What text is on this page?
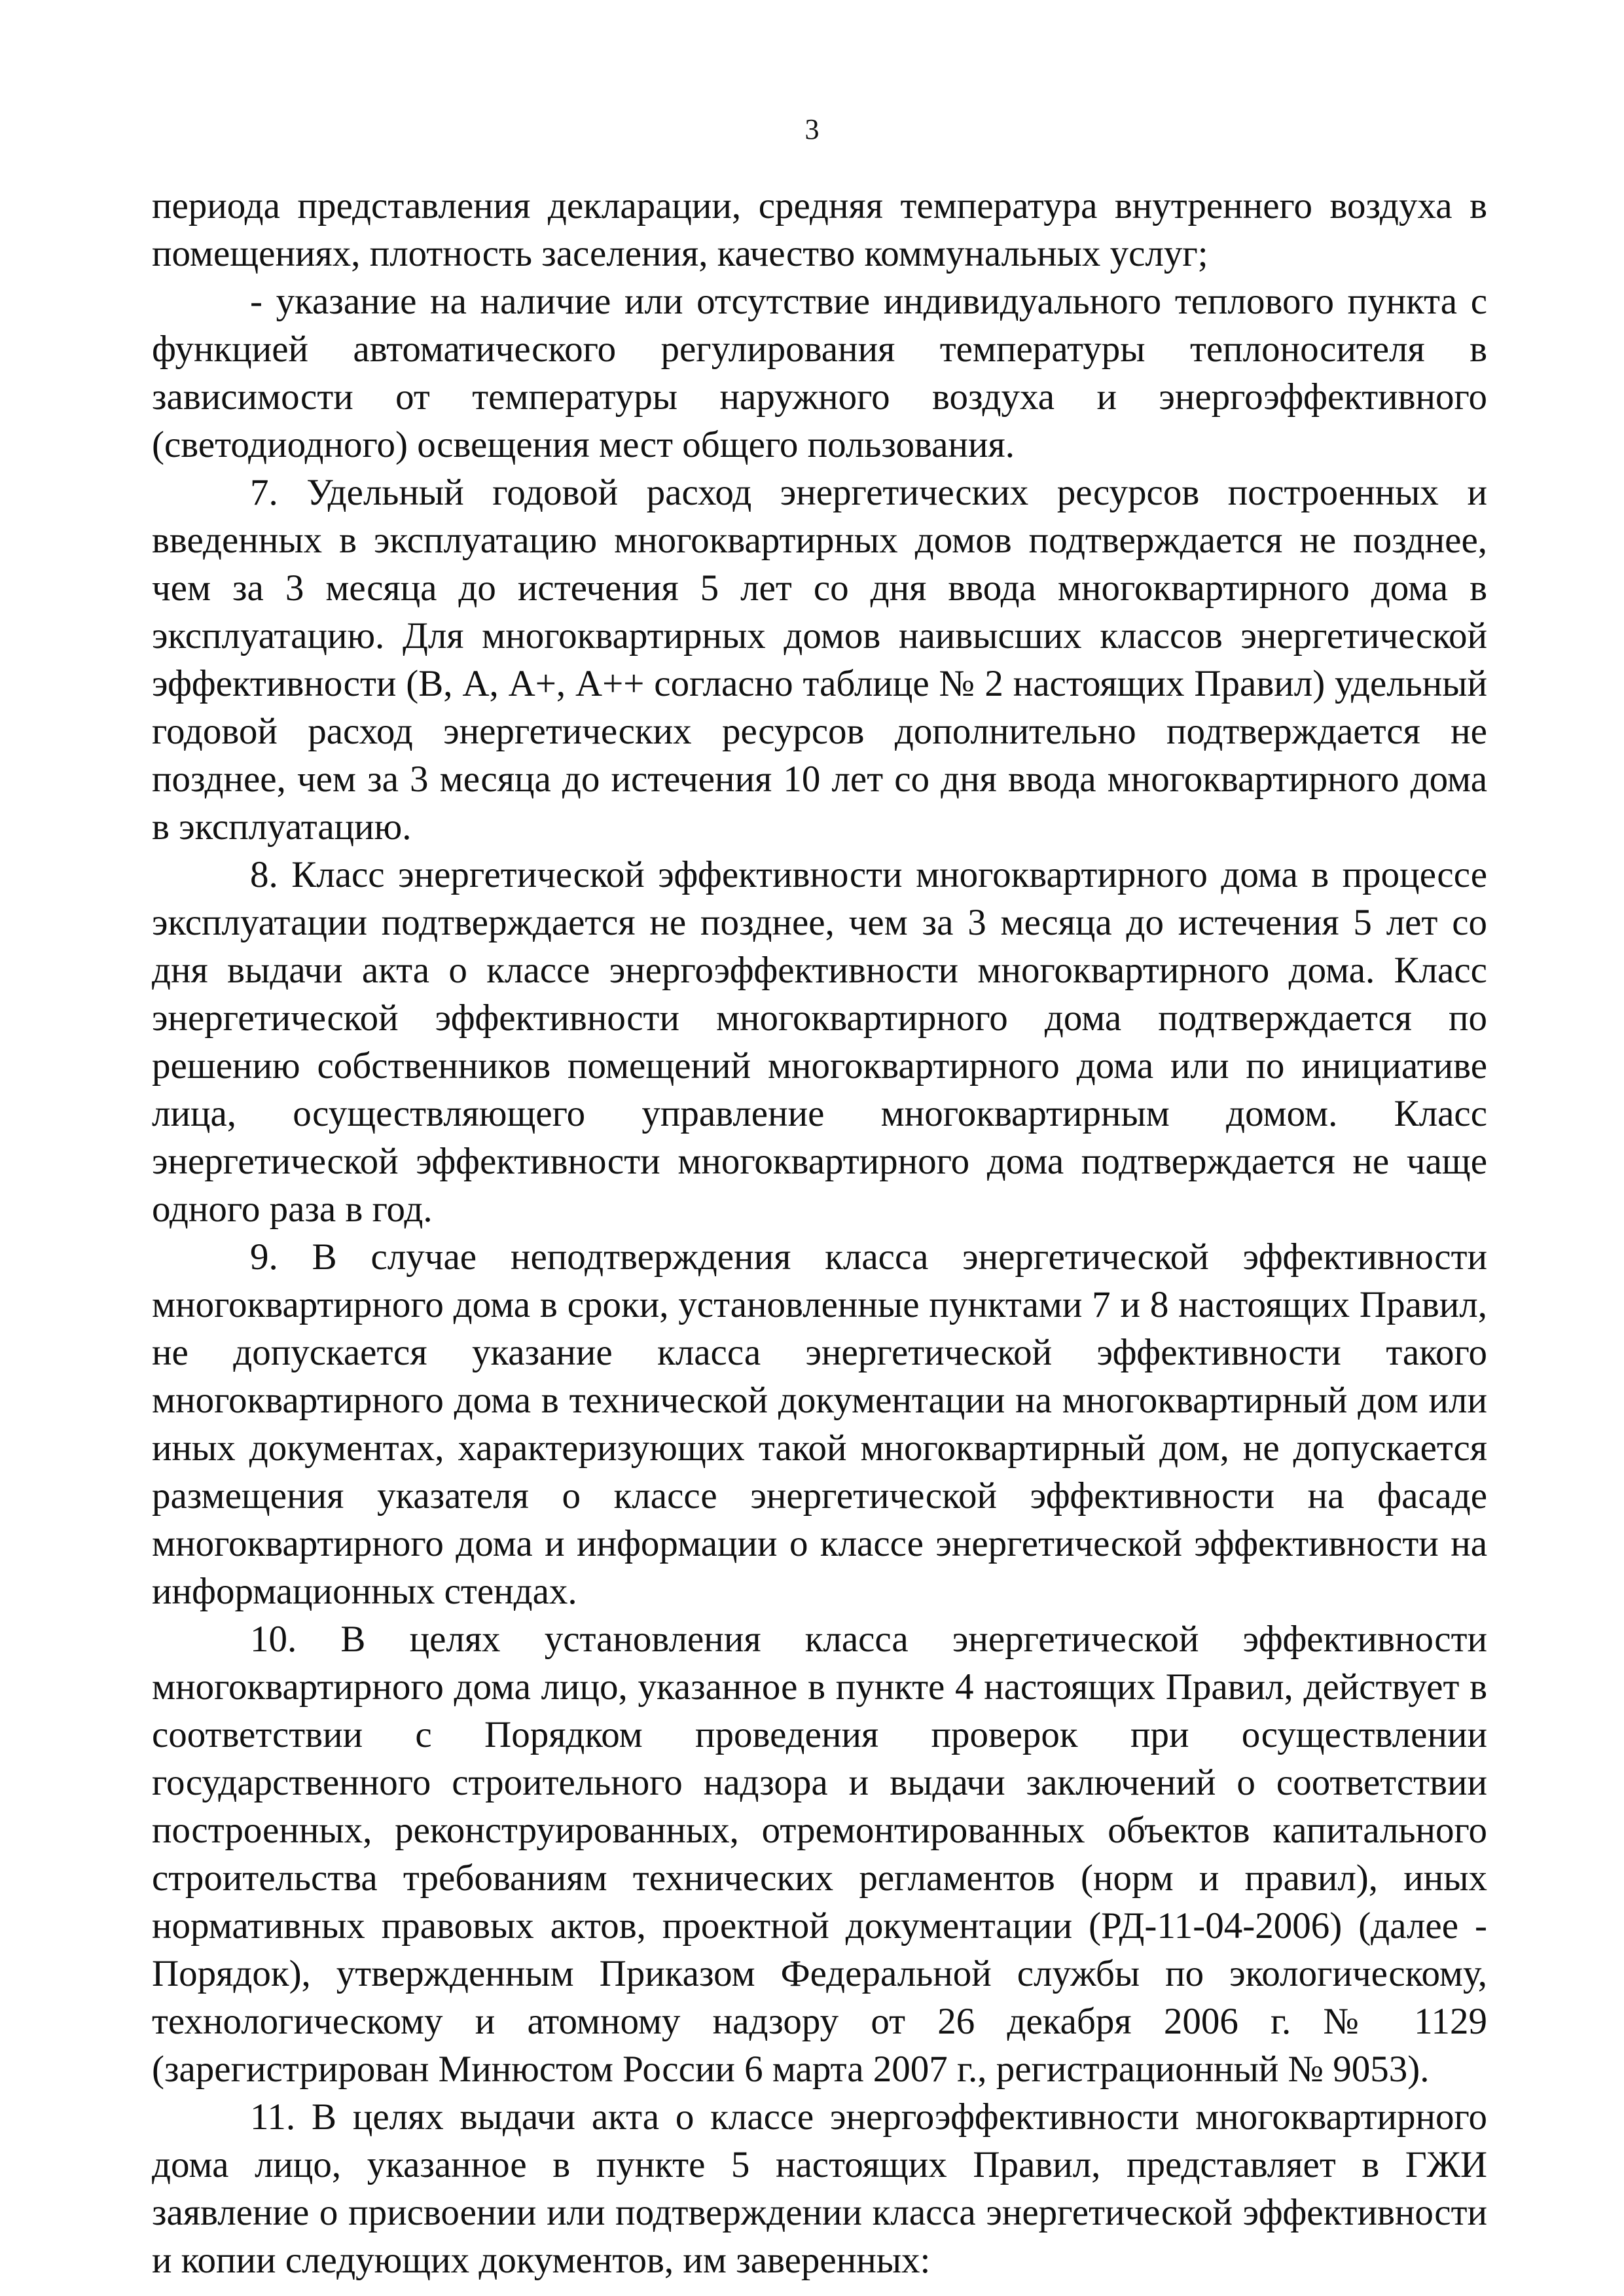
3

периода представления декларации, средняя температура внутреннего воздуха в помещениях, плотность заселения, качество коммунальных услуг;

- указание на наличие или отсутствие индивидуального теплового пункта с функцией автоматического регулирования температуры теплоносителя в зависимости от температуры наружного воздуха и энергоэффективного (светодиодного) освещения мест общего пользования.

7. Удельный годовой расход энергетических ресурсов построенных и введенных в эксплуатацию многоквартирных домов подтверждается не позднее, чем за 3 месяца до истечения 5 лет со дня ввода многоквартирного дома в эксплуатацию. Для многоквартирных домов наивысших классов энергетической эффективности (В, А, А+, А++ согласно таблице № 2 настоящих Правил) удельный годовой расход энергетических ресурсов дополнительно подтверждается не позднее, чем за 3 месяца до истечения 10 лет со дня ввода многоквартирного дома в эксплуатацию.

8. Класс энергетической эффективности многоквартирного дома в процессе эксплуатации подтверждается не позднее, чем за 3 месяца до истечения 5 лет со дня выдачи акта о классе энергоэффективности многоквартирного дома. Класс энергетической эффективности многоквартирного дома подтверждается по решению собственников помещений многоквартирного дома или по инициативе лица, осуществляющего управление многоквартирным домом. Класс энергетической эффективности многоквартирного дома подтверждается не чаще одного раза в год.

9. В случае неподтверждения класса энергетической эффективности многоквартирного дома в сроки, установленные пунктами 7 и 8 настоящих Правил, не допускается указание класса энергетической эффективности такого многоквартирного дома в технической документации на многоквартирный дом или иных документах, характеризующих такой многоквартирный дом, не допускается размещения указателя о классе энергетической эффективности на фасаде многоквартирного дома и информации о классе энергетической эффективности на информационных стендах.

10. В целях установления класса энергетической эффективности многоквартирного дома лицо, указанное в пункте 4 настоящих Правил, действует в соответствии с Порядком проведения проверок при осуществлении государственного строительного надзора и выдачи заключений о соответствии построенных, реконструированных, отремонтированных объектов капитального строительства требованиям технических регламентов (норм и правил), иных нормативных правовых актов, проектной документации (РД-11-04-2006) (далее - Порядок), утвержденным Приказом Федеральной службы по экологическому, технологическому и атомному надзору от 26 декабря 2006 г. № 1129 (зарегистрирован Минюстом России 6 марта 2007 г., регистрационный № 9053).

11. В целях выдачи акта о классе энергоэффективности многоквартирного дома лицо, указанное в пункте 5 настоящих Правил, представляет в ГЖИ заявление о присвоении или подтверждении класса энергетической эффективности и копии следующих документов, им заверенных:
